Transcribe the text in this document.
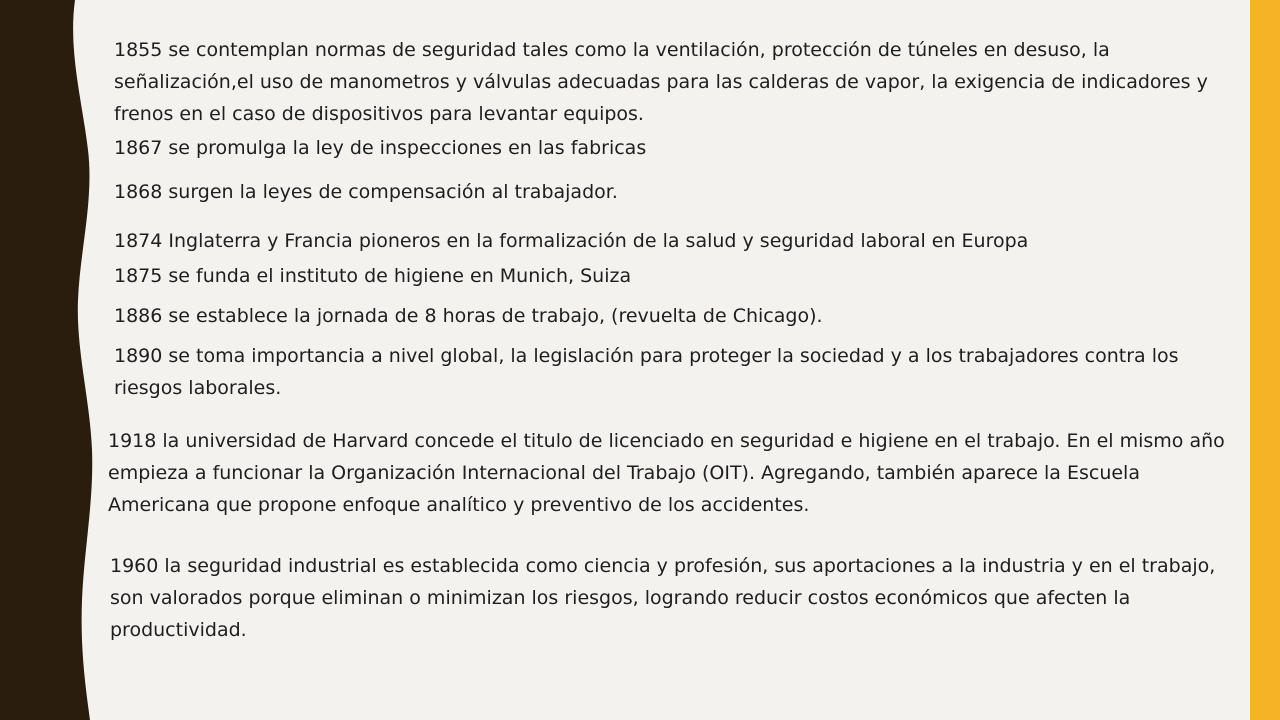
1855 se contemplan normas de seguridad tales como la ventilación, protección de túneles en desuso, la señalización,el uso de manometros y válvulas adecuadas para las calderas de vapor, la exigencia de indicadores y frenos en el caso de dispositivos para levantar equipos.

1867 se promulga la ley de inspecciones en las fabricas

1868 surgen la leyes de compensación al trabajador.

1874 Inglaterra y Francia pioneros en la formalización de la salud y seguridad laboral en Europa

1875 se funda el instituto de higiene en Munich, Suiza

1886 se establece la jornada de 8 horas de trabajo, (revuelta de Chicago).

1890 se toma importancia a nivel global, la legislación para proteger la sociedad y a los trabajadores contra los riesgos laborales.

1918 la universidad de Harvard concede el titulo de licenciado en seguridad e higiene en el trabajo. En el mismo año empieza a funcionar la Organización Internacional del Trabajo (OIT). Agregando, también aparece la Escuela Americana que propone enfoque analítico y preventivo de los accidentes.

1960 la seguridad industrial es establecida como ciencia y profesión, sus aportaciones a la industria y en el trabajo, son valorados porque eliminan o minimizan los riesgos, logrando reducir costos económicos que afecten la productividad.
